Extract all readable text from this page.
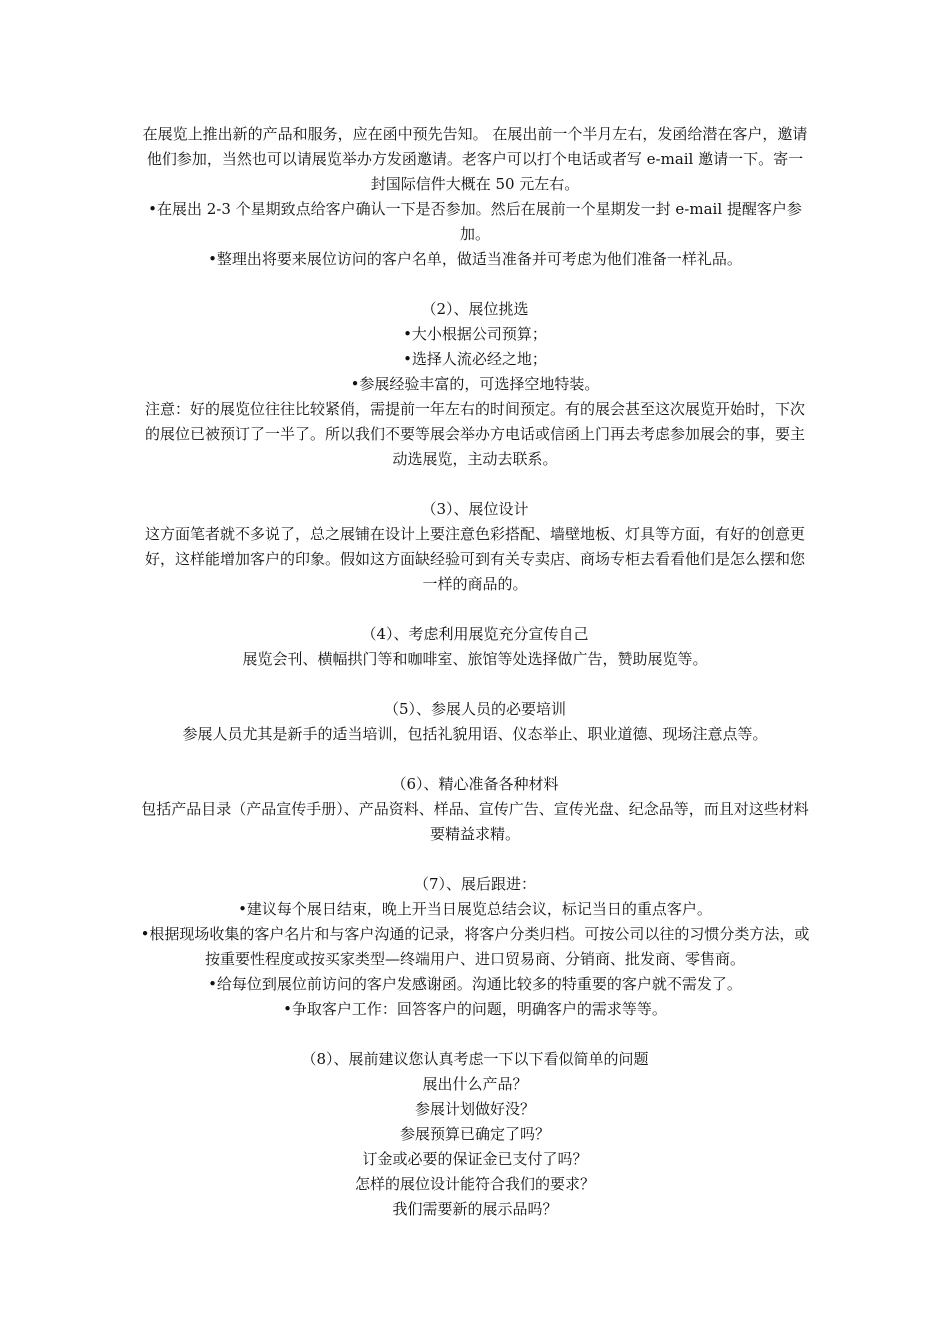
在展览上推出新的产品和服务，应在函中预先告知。 在展出前一个半月左右，发函给潜在客户，邀请他们参加，当然也可以请展览举办方发函邀请。老客户可以打个电话或者写 e-mail 邀请一下。寄一封国际信件大概在 50 元左右。

•在展出 2-3 个星期致点给客户确认一下是否参加。然后在展前一个星期发一封 e-mail 提醒客户参加。

•整理出将要来展位访问的客户名单，做适当准备并可考虑为他们准备一样礼品。

（2）、展位挑选

•大小根据公司预算；

•选择人流必经之地；

•参展经验丰富的，可选择空地特装。

注意：好的展览位往往比较紧俏，需提前一年左右的时间预定。有的展会甚至这次展览开始时，下次的展位已被预订了一半了。所以我们不要等展会举办方电话或信函上门再去考虑参加展会的事，要主动选展览，主动去联系。

（3）、展位设计

这方面笔者就不多说了，总之展铺在设计上要注意色彩搭配、墙壁地板、灯具等方面，有好的创意更好，这样能增加客户的印象。假如这方面缺经验可到有关专卖店、商场专柜去看看他们是怎么摆和您一样的商品的。

（4）、考虑利用展览充分宣传自己

展览会刊、横幅拱门等和咖啡室、旅馆等处选择做广告，赞助展览等。

（5）、参展人员的必要培训

参展人员尤其是新手的适当培训，包括礼貌用语、仪态举止、职业道德、现场注意点等。

（6）、精心准备各种材料

包括产品目录（产品宣传手册）、产品资料、样品、宣传广告、宣传光盘、纪念品等，而且对这些材料要精益求精。

（7）、展后跟进：

•建议每个展日结束，晚上开当日展览总结会议，标记当日的重点客户。

•根据现场收集的客户名片和与客户沟通的记录，将客户分类归档。可按公司以往的习惯分类方法，或按重要性程度或按买家类型—终端用户、进口贸易商、分销商、批发商、零售商。

•给每位到展位前访问的客户发感谢函。沟通比较多的特重要的客户就不需发了。

•争取客户工作：回答客户的问题，明确客户的需求等等。

（8）、展前建议您认真考虑一下以下看似简单的问题

展出什么产品？

参展计划做好没？

参展预算已确定了吗？

订金或必要的保证金已支付了吗？

怎样的展位设计能符合我们的要求？

我们需要新的展示品吗？
